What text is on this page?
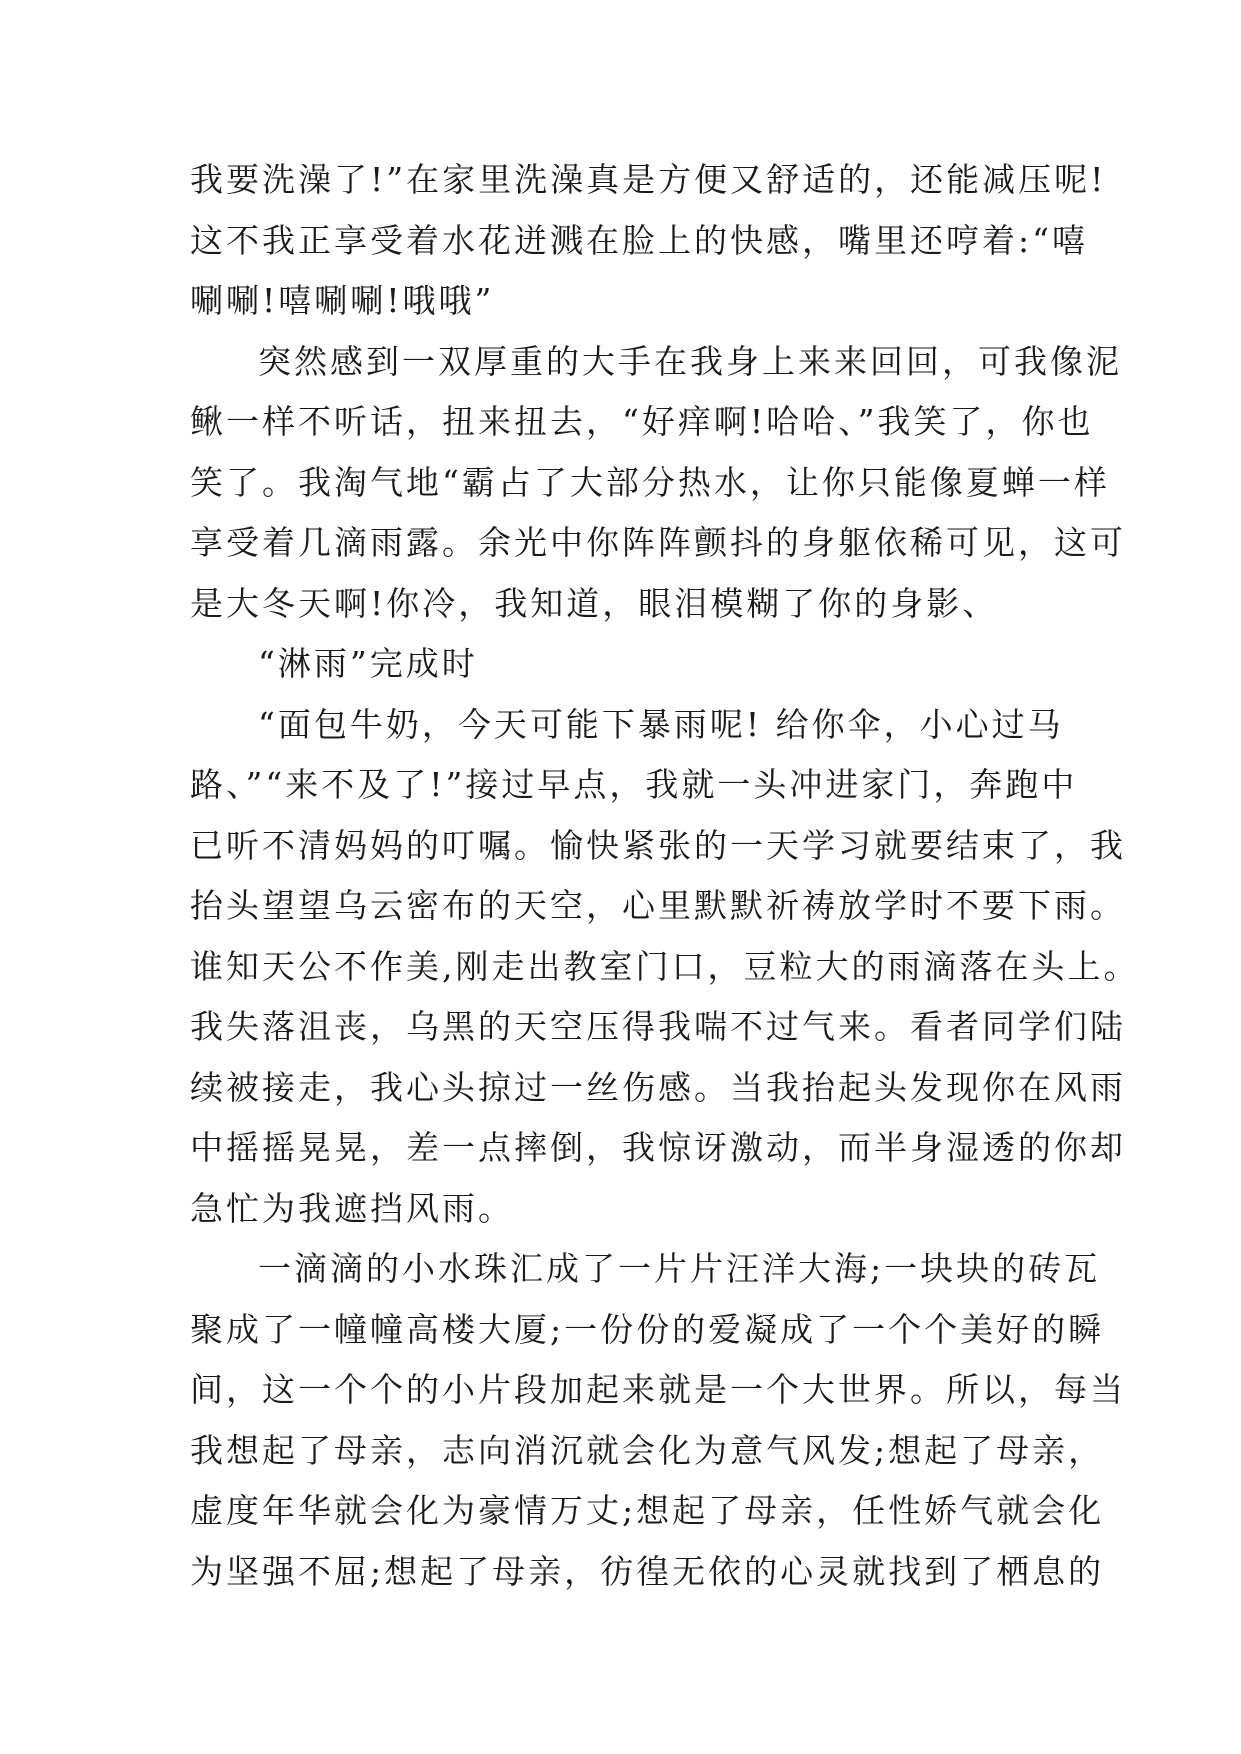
我要洗澡了!”在家里洗澡真是方便又舒适的，还能减压呢!
这不我正享受着水花迸溅在脸上的快感，嘴里还哼着:“嘻
唰唰!嘻唰唰!哦哦”
突然感到一双厚重的大手在我身上来来回回，可我像泥
鳅一样不听话，扭来扭去，“好痒啊!哈哈、”我笑了，你也
笑了。我淘气地“霸占了大部分热水，让你只能像夏蝉一样
享受着几滴雨露。余光中你阵阵颤抖的身躯依稀可见，这可
是大冬天啊!你冷，我知道，眼泪模糊了你的身影、
“淋雨”完成时
“面包牛奶，今天可能下暴雨呢! 给你伞，小心过马
路、”“来不及了!”接过早点，我就一头冲进家门，奔跑中
已听不清妈妈的叮嘱。愉快紧张的一天学习就要结束了，我
抬头望望乌云密布的天空，心里默默祈祷放学时不要下雨。
谁知天公不作美,刚走出教室门口，豆粒大的雨滴落在头上。
我失落沮丧，乌黑的天空压得我喘不过气来。看者同学们陆
续被接走，我心头掠过一丝伤感。当我抬起头发现你在风雨
中摇摇晃晃，差一点摔倒，我惊讶激动，而半身湿透的你却
急忙为我遮挡风雨。
一滴滴的小水珠汇成了一片片汪洋大海;一块块的砖瓦
聚成了一幢幢高楼大厦;一份份的爱凝成了一个个美好的瞬
间，这一个个的小片段加起来就是一个大世界。所以，每当
我想起了母亲，志向消沉就会化为意气风发;想起了母亲，
虚度年华就会化为豪情万丈;想起了母亲，任性娇气就会化
为坚强不屈;想起了母亲，彷徨无依的心灵就找到了栖息的
